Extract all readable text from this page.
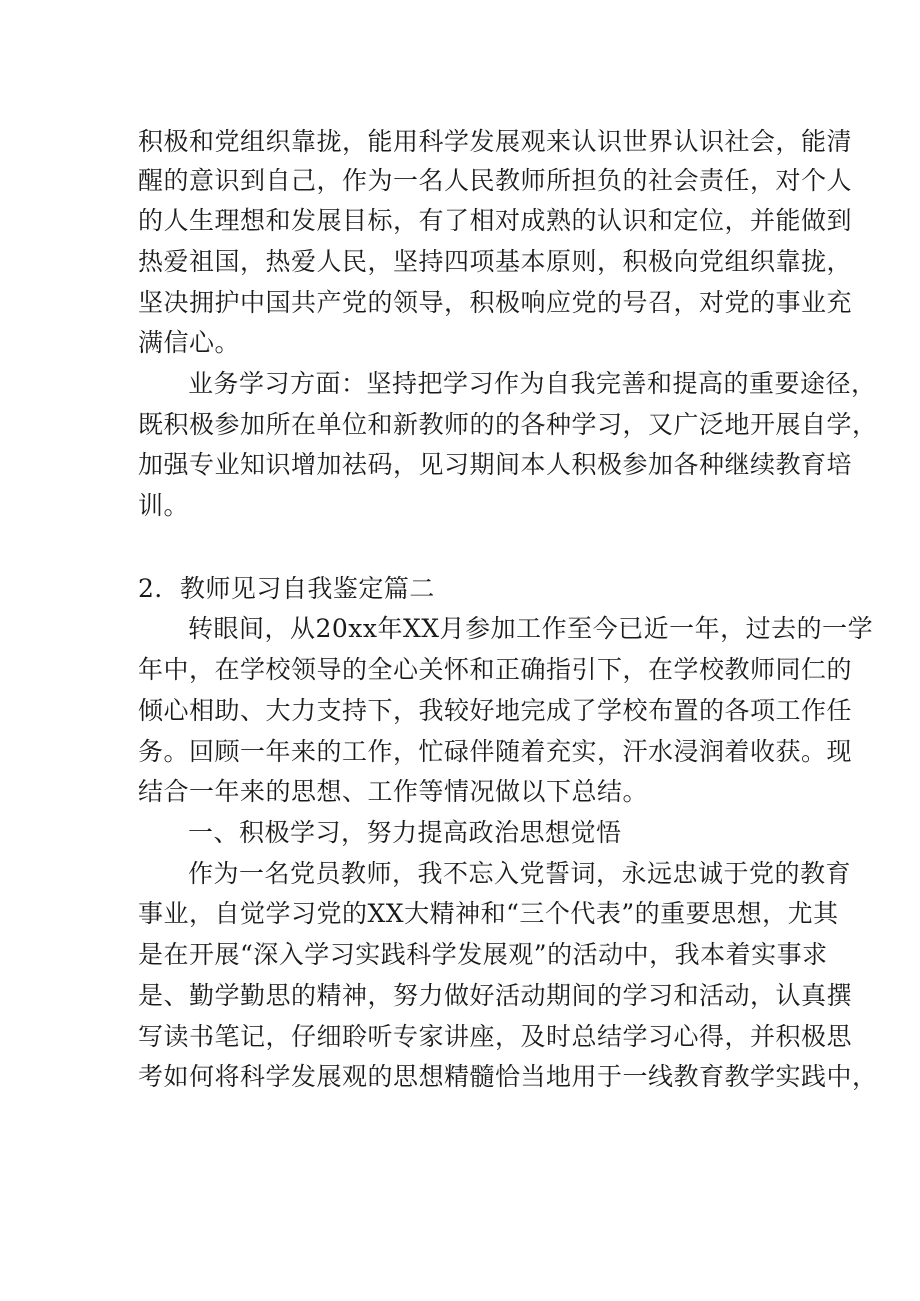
积极和党组织靠拢，能用科学发展观来认识世界认识社会，能清
醒的意识到自己，作为一名人民教师所担负的社会责任，对个人
的人生理想和发展目标，有了相对成熟的认识和定位，并能做到
热爱祖国，热爱人民，坚持四项基本原则，积极向党组织靠拢，
坚决拥护中国共产党的领导，积极响应党的号召，对党的事业充
满信心。
业务学习方面：坚持把学习作为自我完善和提高的重要途径，
既积极参加所在单位和新教师的的各种学习，又广泛地开展自学，
加强专业知识增加祛码，见习期间本人积极参加各种继续教育培
训。
2．教师见习自我鉴定篇二
转眼间，从20xx年XX月参加工作至今已近一年，过去的一学
年中，在学校领导的全心关怀和正确指引下，在学校教师同仁的
倾心相助、大力支持下，我较好地完成了学校布置的各项工作任
务。回顾一年来的工作，忙碌伴随着充实，汗水浸润着收获。现
结合一年来的思想、工作等情况做以下总结。
一、积极学习，努力提高政治思想觉悟
作为一名党员教师，我不忘入党誓词，永远忠诚于党的教育
事业，自觉学习党的XX大精神和“三个代表”的重要思想，尤其
是在开展“深入学习实践科学发展观”的活动中，我本着实事求
是、勤学勤思的精神，努力做好活动期间的学习和活动，认真撰
写读书笔记，仔细聆听专家讲座，及时总结学习心得，并积极思
考如何将科学发展观的思想精髓恰当地用于一线教育教学实践中，
